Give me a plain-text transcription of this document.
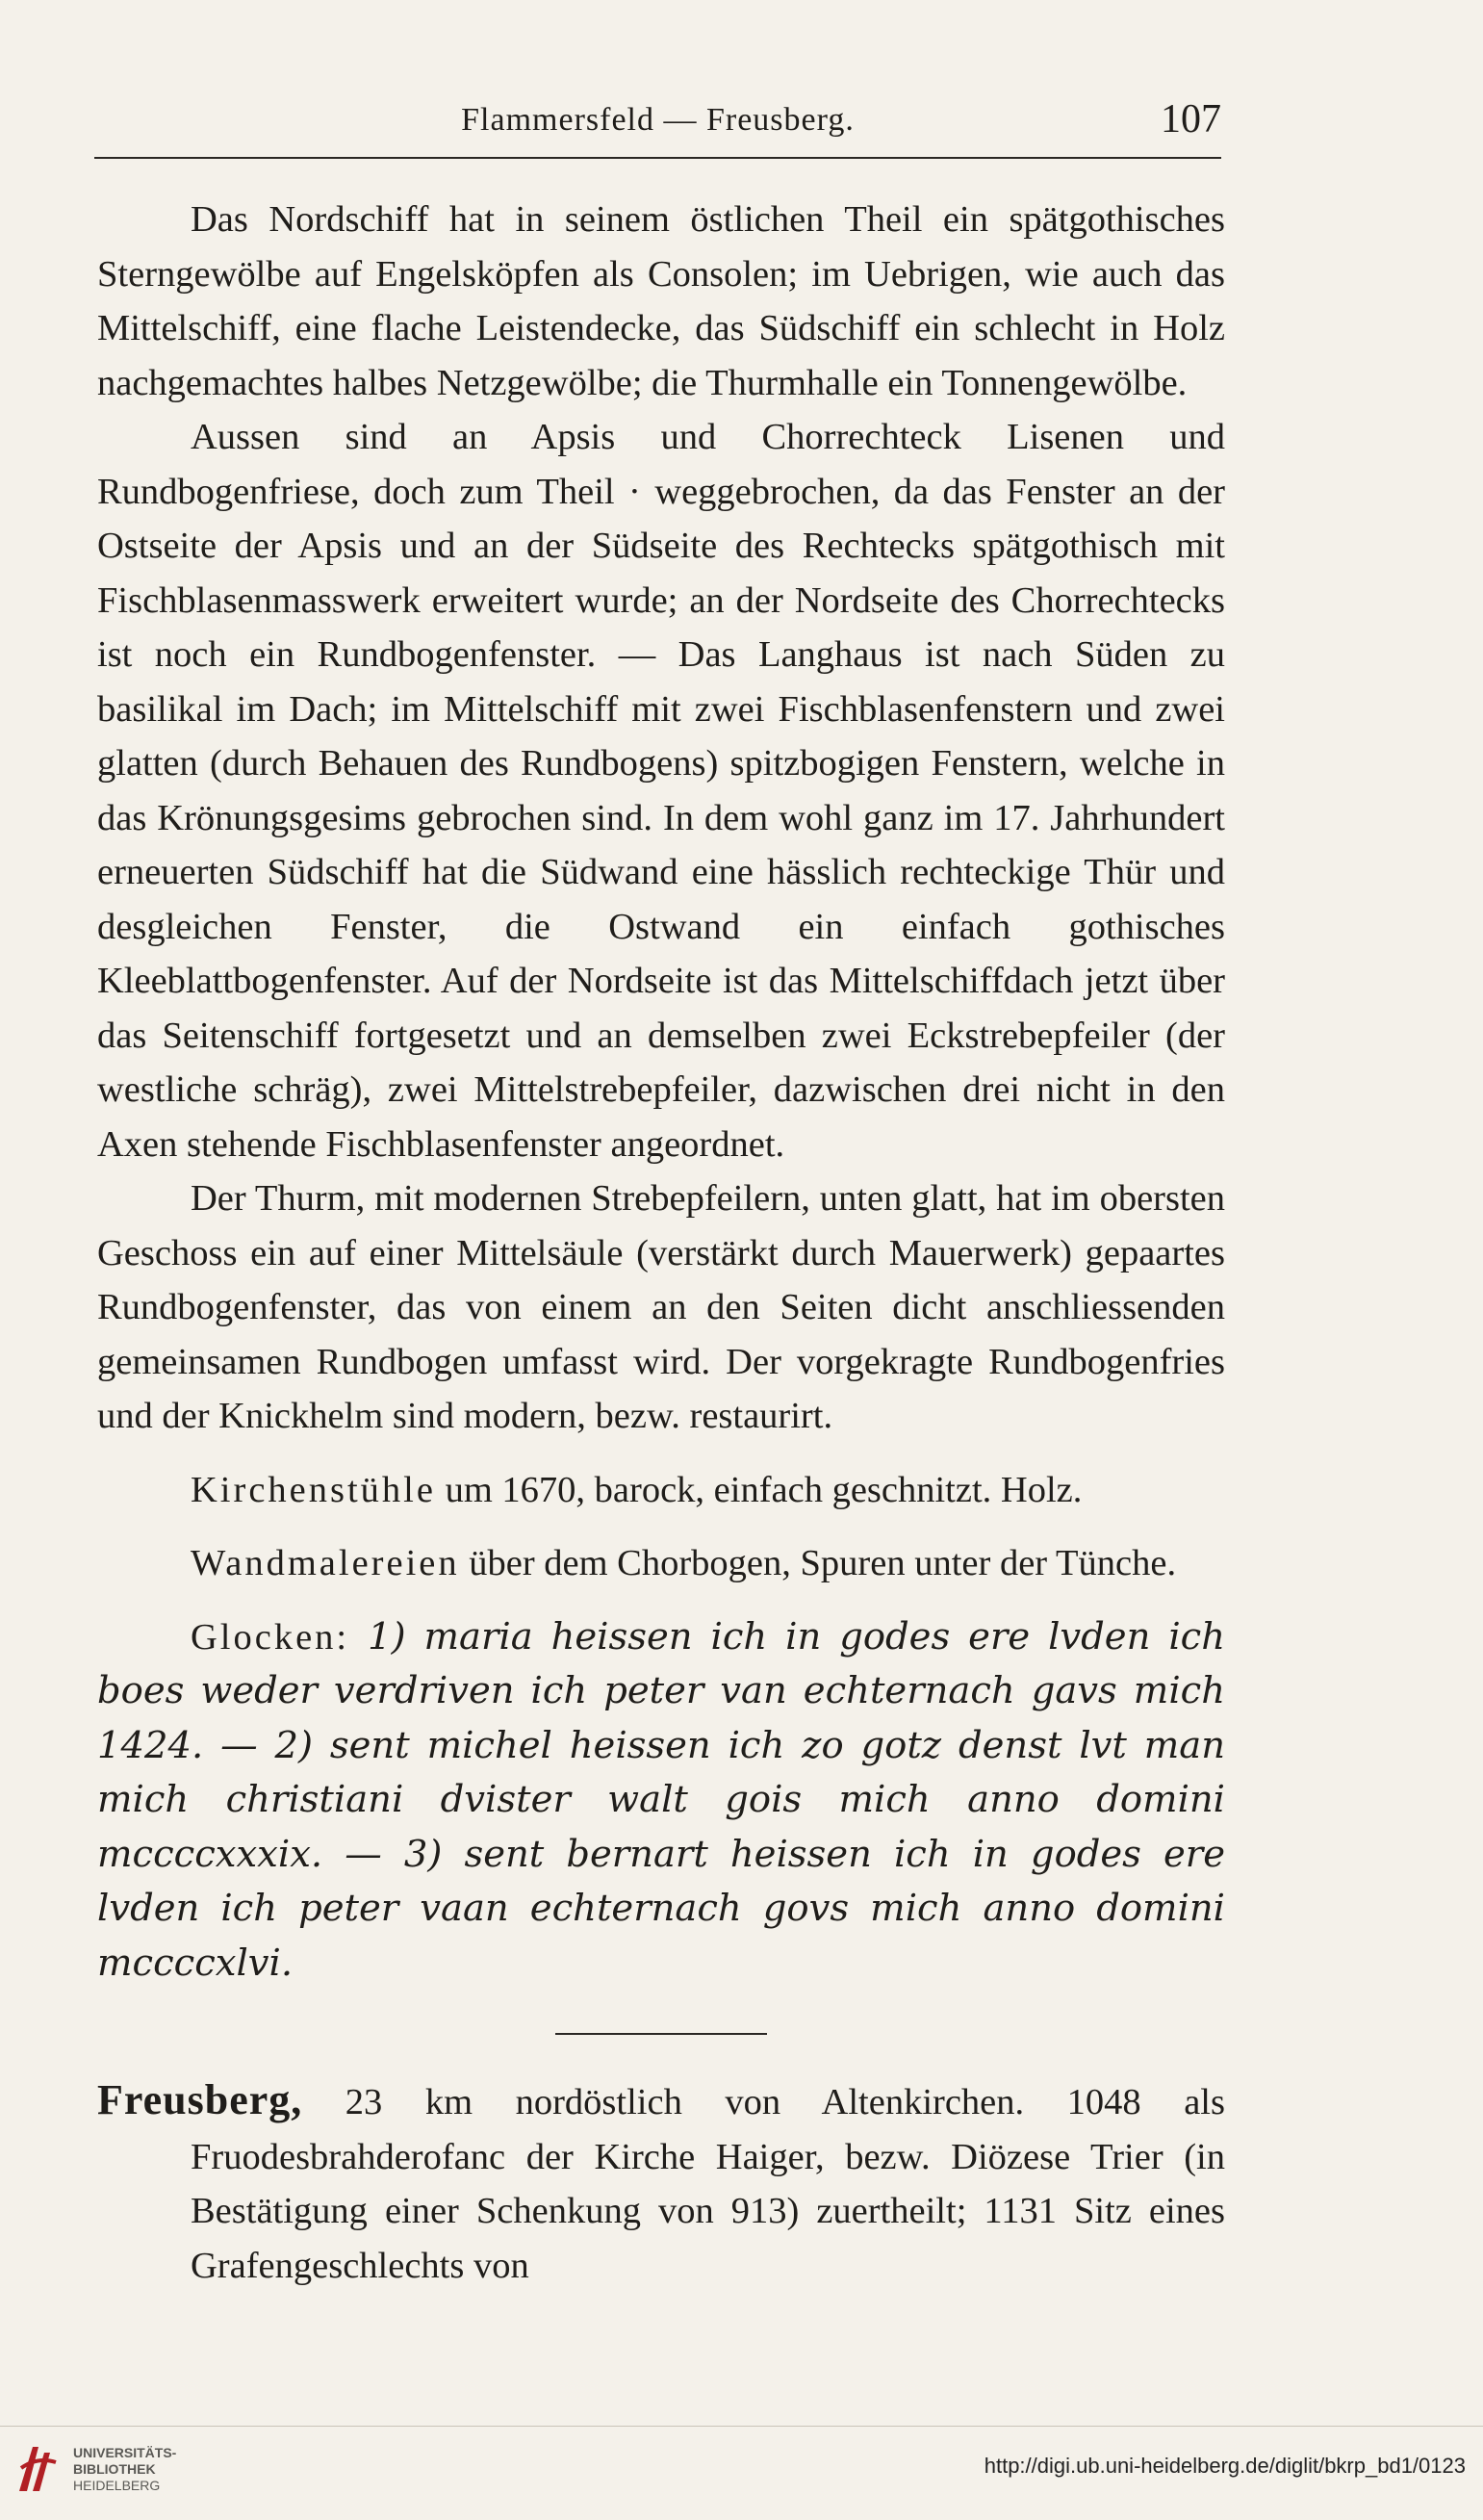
Flammersfeld — Freusberg.	107

Das Nordschiff hat in seinem östlichen Theil ein spätgothisches Sterngewölbe auf Engelsköpfen als Consolen; im Uebrigen, wie auch das Mittelschiff, eine flache Leistendecke, das Südschiff ein schlecht in Holz nachgemachtes halbes Netzgewölbe; die Thurmhalle ein Tonnengewölbe.

Aussen sind an Apsis und Chorrechteck Lisenen und Rundbogenfriese, doch zum Theil · weggebrochen, da das Fenster an der Ostseite der Apsis und an der Südseite des Rechtecks spätgothisch mit Fischblasenmasswerk erweitert wurde; an der Nordseite des Chorrechtecks ist noch ein Rundbogenfenster. — Das Langhaus ist nach Süden zu basilikal im Dach; im Mittelschiff mit zwei Fischblasenfenstern und zwei glatten (durch Behauen des Rundbogens) spitzbogigen Fenstern, welche in das Krönungsgesims gebrochen sind. In dem wohl ganz im 17. Jahrhundert erneuerten Südschiff hat die Südwand eine hässlich rechteckige Thür und desgleichen Fenster, die Ostwand ein einfach gothisches Kleeblattbogenfenster. Auf der Nordseite ist das Mittelschiffdach jetzt über das Seitenschiff fortgesetzt und an demselben zwei Eckstrebepfeiler (der westliche schräg), zwei Mittelstrebepfeiler, dazwischen drei nicht in den Axen stehende Fischblasenfenster angeordnet.

Der Thurm, mit modernen Strebepfeilern, unten glatt, hat im obersten Geschoss ein auf einer Mittelsäule (verstärkt durch Mauerwerk) gepaartes Rundbogenfenster, das von einem an den Seiten dicht anschliessenden gemeinsamen Rundbogen umfasst wird. Der vorgekragte Rundbogenfries und der Knickhelm sind modern, bezw. restaurirt.

Kirchenstühle um 1670, barock, einfach geschnitzt. Holz.

Wandmalereien über dem Chorbogen, Spuren unter der Tünche.

Glocken: 1) maria heissen ich in godes ere lvden ich boes weder verdriven ich peter van echternach gavs mich 1424. — 2) sent michel heissen ich zo gotz denst lvt man mich christiani dvister walt gois mich anno domini mccccxxxix. — 3) sent bernart heissen ich in godes ere lvden ich peter vaan echternach govs mich anno domini mccccxlvi.

Freusberg, 23 km nordöstlich von Altenkirchen. 1048 als Fruodesbrahderofanc der Kirche Haiger, bezw. Diözese Trier (in Bestätigung einer Schenkung von 913) zuertheilt; 1131 Sitz eines Grafengeschlechts von

UNIVERSITÄTS-
BIBLIOTHEK
HEIDELBERG
http://digi.ub.uni-heidelberg.de/diglit/bkrp_bd1/0123
